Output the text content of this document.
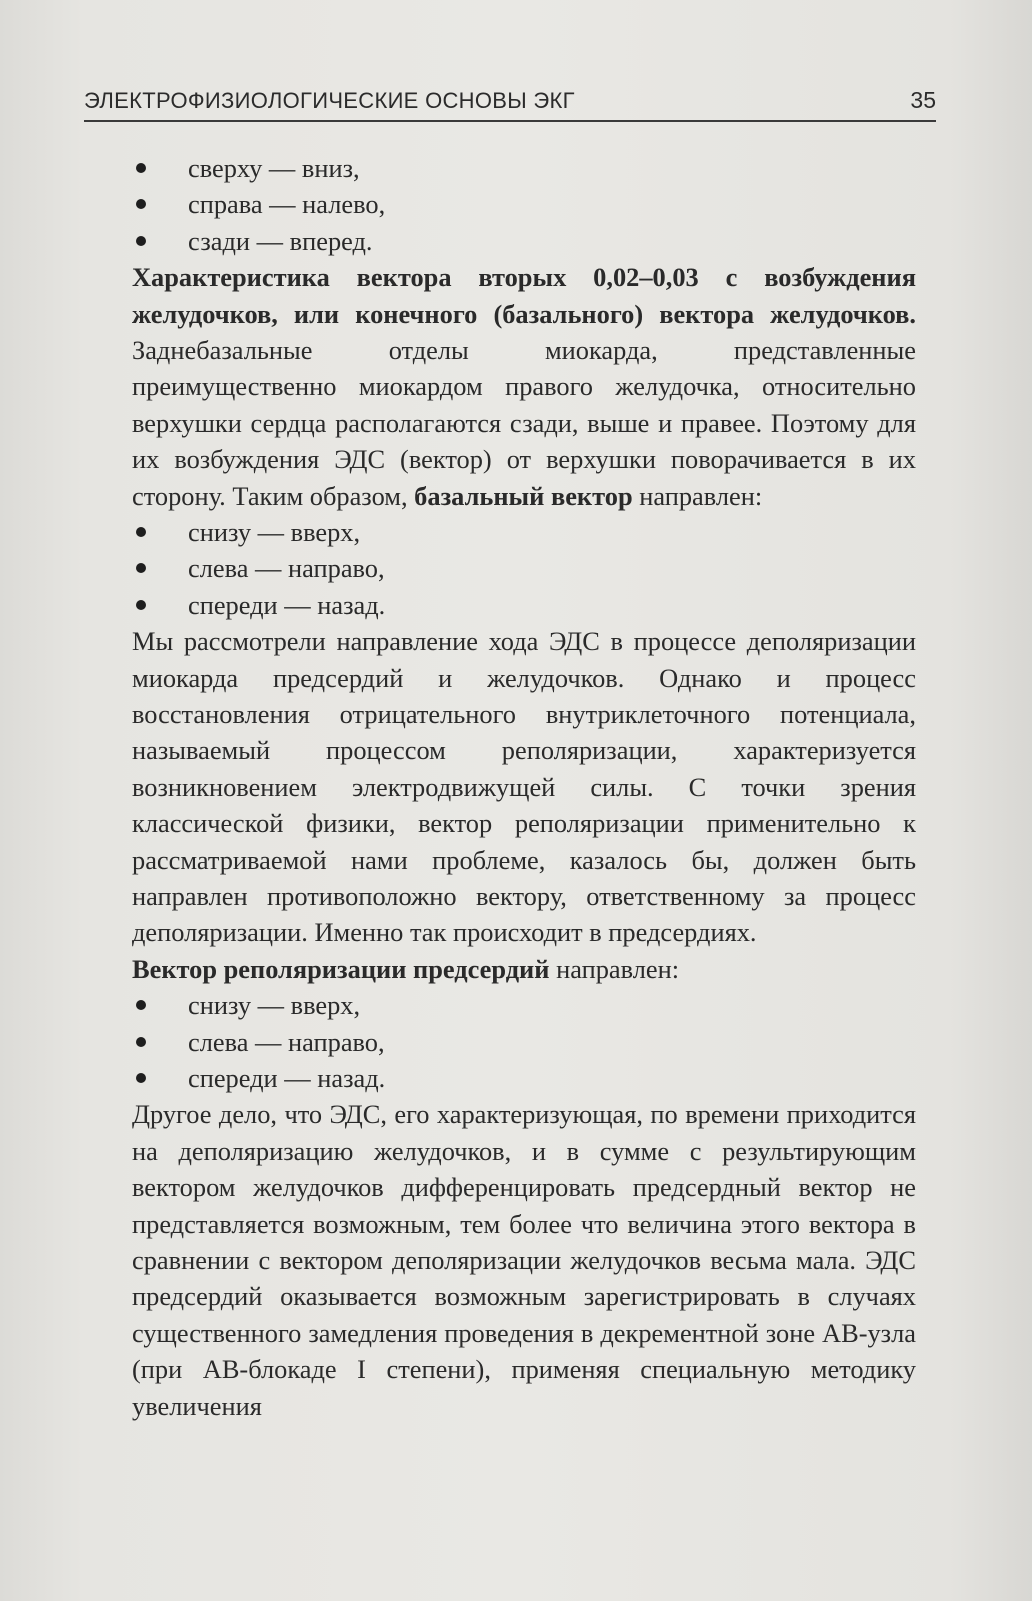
ЭЛЕКТРОФИЗИОЛОГИЧЕСКИЕ ОСНОВЫ ЭКГ	35
сверху — вниз,
справа — налево,
сзади — вперед.

Характеристика вектора вторых 0,02–0,03 с возбуждения желудочков, или конечного (базального) вектора желудочков. Заднебазальные отделы миокарда, представленные преимущественно миокардом правого желудочка, относительно верхушки сердца располагаются сзади, выше и правее. Поэтому для их возбуждения ЭДС (вектор) от верхушки поворачивается в их сторону. Таким образом, базальный вектор направлен:

снизу — вверх,
слева — направо,
спереди — назад.

Мы рассмотрели направление хода ЭДС в процессе деполяризации миокарда предсердий и желудочков. Однако и процесс восстановления отрицательного внутриклеточного потенциала, называемый процессом реполяризации, характеризуется возникновением электродвижущей силы. С точки зрения классической физики, вектор реполяризации применительно к рассматриваемой нами проблеме, казалось бы, должен быть направлен противоположно вектору, ответственному за процесс деполяризации. Именно так происходит в предсердиях.

Вектор реполяризации предсердий направлен:

снизу — вверх,
слева — направо,
спереди — назад.

Другое дело, что ЭДС, его характеризующая, по времени приходится на деполяризацию желудочков, и в сумме с результирующим вектором желудочков дифференцировать предсердный вектор не представляется возможным, тем более что величина этого вектора в сравнении с вектором деполяризации желудочков весьма мала. ЭДС предсердий оказывается возможным зарегистрировать в случаях существенного замедления проведения в декрементной зоне АВ-узла (при АВ-блокаде I степени), применяя специальную методику увеличения
